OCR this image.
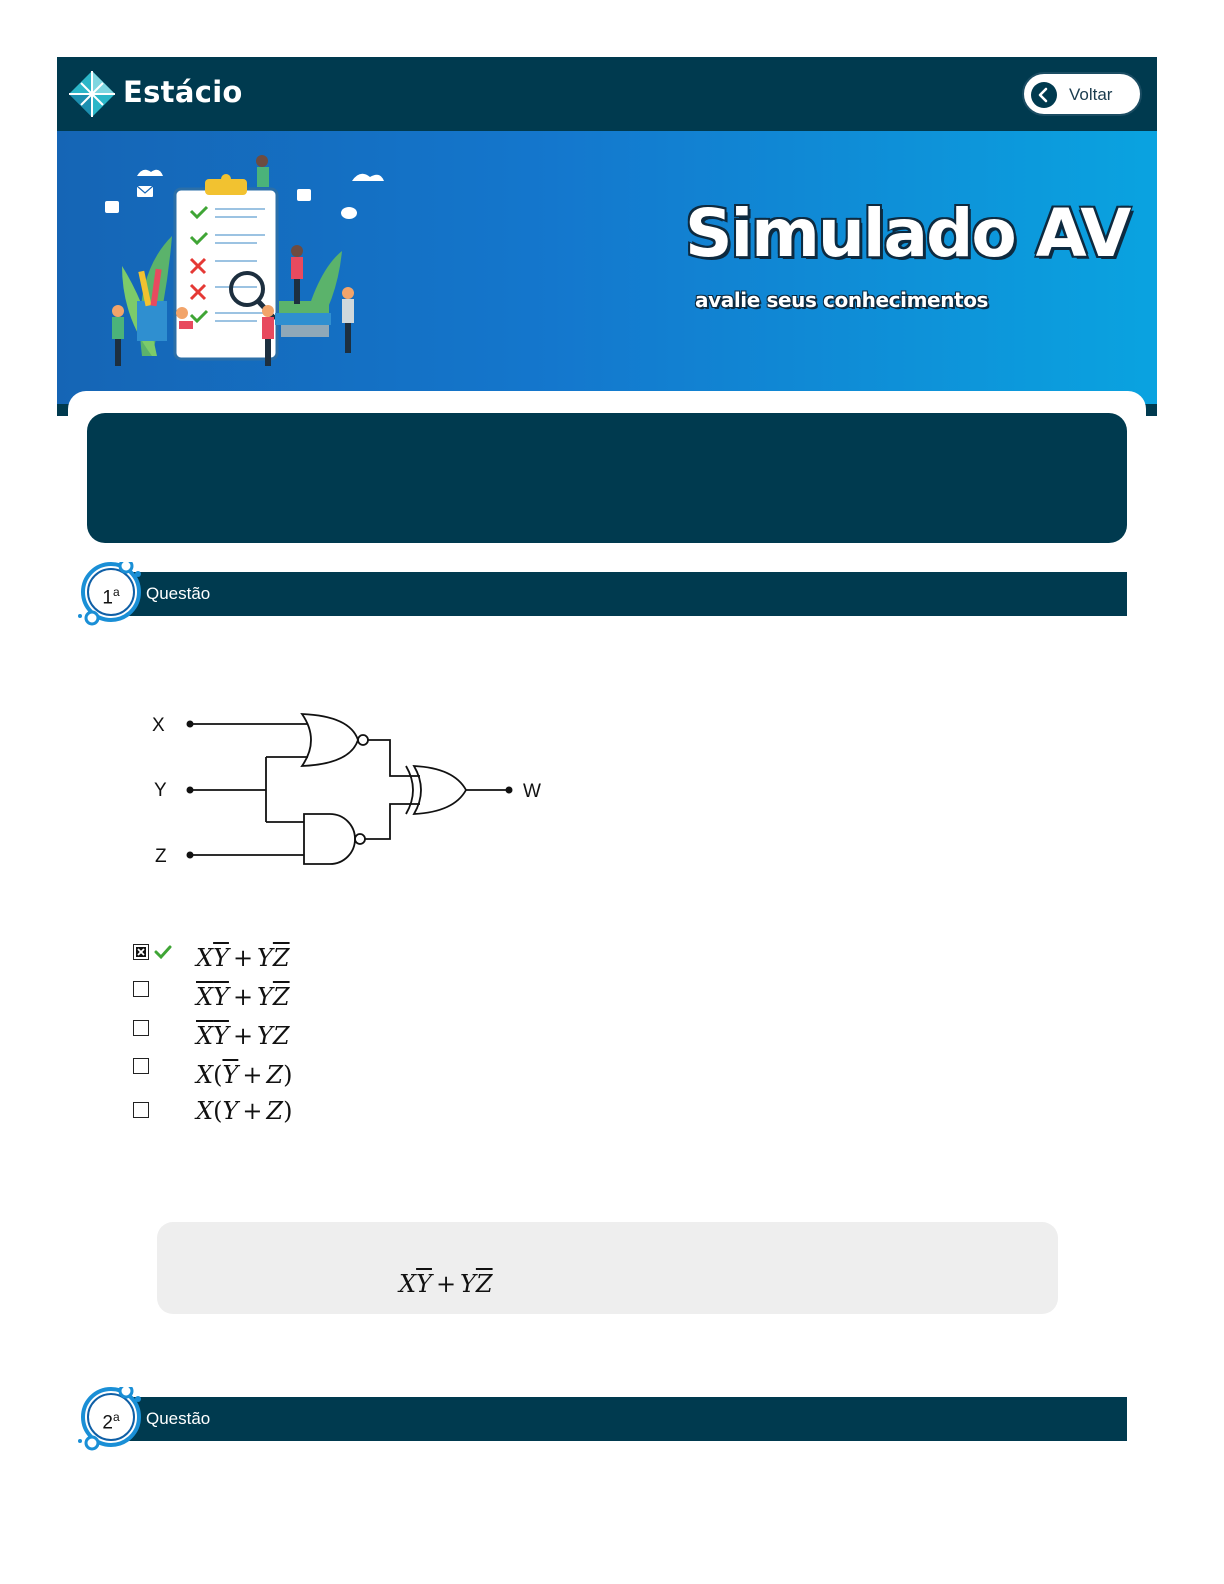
Estácio	Voltar
Simulado AV
avalie seus conhecimentos
Questão
1$^a$
X
Y
Z
W
$X\overline{Y} + Y\overline{Z}$
$\overline{X}\overline{Y} + Y\overline{Z}$
$\overline{X}\overline{Y}$ + YZ
$X(\overline{Y} + Z)$
X(Y + Z)
$X\overline{Y} + Y\overline{Z}$
Questão
2$^a$
